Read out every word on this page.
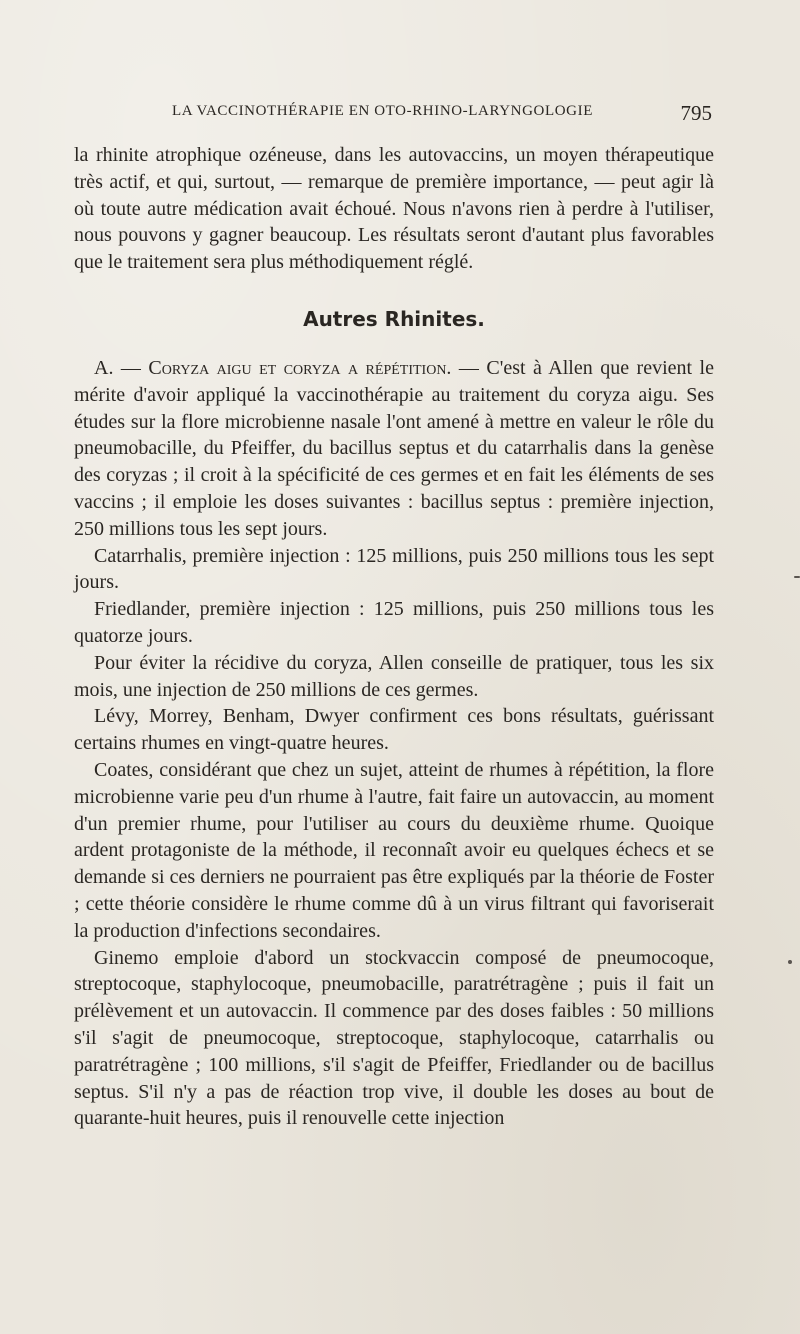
LA VACCINOTHÉRAPIE EN OTO-RHINO-LARYNGOLOGIE	795

la rhinite atrophique ozéneuse, dans les autovaccins, un moyen thérapeutique très actif, et qui, surtout, — remarque de première importance, — peut agir là où toute autre médication avait échoué. Nous n'avons rien à perdre à l'utiliser, nous pouvons y gagner beaucoup. Les résultats seront d'autant plus favorables que le traitement sera plus méthodiquement réglé.

Autres Rhinites.

A. — Coryza aigu et coryza a répétition. — C'est à Allen que revient le mérite d'avoir appliqué la vaccinothérapie au traitement du coryza aigu. Ses études sur la flore microbienne nasale l'ont amené à mettre en valeur le rôle du pneumobacille, du Pfeiffer, du bacillus septus et du catarrhalis dans la genèse des coryzas ; il croit à la spécificité de ces germes et en fait les éléments de ses vaccins ; il emploie les doses suivantes : bacillus septus : première injection, 250 millions tous les sept jours.

Catarrhalis, première injection : 125 millions, puis 250 millions tous les sept jours.

Friedlander, première injection : 125 millions, puis 250 millions tous les quatorze jours.

Pour éviter la récidive du coryza, Allen conseille de pratiquer, tous les six mois, une injection de 250 millions de ces germes.

Lévy, Morrey, Benham, Dwyer confirment ces bons résultats, guérissant certains rhumes en vingt-quatre heures.

Coates, considérant que chez un sujet, atteint de rhumes à répétition, la flore microbienne varie peu d'un rhume à l'autre, fait faire un autovaccin, au moment d'un premier rhume, pour l'utiliser au cours du deuxième rhume. Quoique ardent protagoniste de la méthode, il reconnaît avoir eu quelques échecs et se demande si ces derniers ne pourraient pas être expliqués par la théorie de Foster ; cette théorie considère le rhume comme dû à un virus filtrant qui favoriserait la production d'infections secondaires.

Ginemo emploie d'abord un stockvaccin composé de pneumocoque, streptocoque, staphylocoque, pneumobacille, paratrétragène ; puis il fait un prélèvement et un autovaccin. Il commence par des doses faibles : 50 millions s'il s'agit de pneumocoque, streptocoque, staphylocoque, catarrhalis ou paratrétragène ; 100 millions, s'il s'agit de Pfeiffer, Friedlander ou de bacillus septus. S'il n'y a pas de réaction trop vive, il double les doses au bout de quarante-huit heures, puis il renouvelle cette injection
